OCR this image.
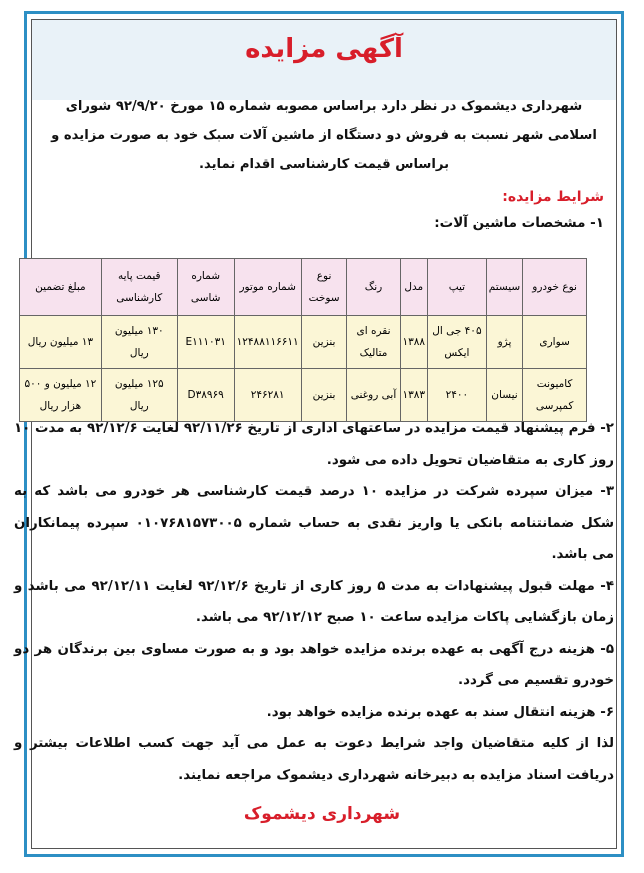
آگهی مزایده

شهرداری دیشموک در نظر دارد براساس مصوبه شماره ۱۵ مورخ ۹۲/۹/۲۰ شورای اسلامی شهر نسبت به فروش دو دستگاه از ماشین آلات سبک خود به صورت مزایده و براساس قیمت کارشناسی اقدام نماید.

شرایط مزایده:

۱- مشخصات ماشین آلات:

نوع خودرو	سیستم	تیپ	مدل	رنگ	نوع سوخت	شماره موتور	شماره شاسی	قیمت پایه کارشناسی	مبلغ تضمین
سواری	پژو	۴۰۵ جی ال ایکس	۱۳۸۸	نقره ای متالیک	بنزین	۱۲۴۸۸۱۱۶۶۱۱	E۱۱۱۰۳۱	۱۳۰ میلیون ریال	۱۳ میلیون ریال
کامیونت کمپرسی	نیسان	۲۴۰۰	۱۳۸۳	آبی روغنی	بنزین	۲۴۶۲۸۱	D۳۸۹۶۹	۱۲۵ میلیون ریال	۱۲ میلیون و ۵۰۰ هزار ریال

۲- فرم پیشنهاد قیمت مزایده در ساعتهای اداری از تاریخ ۹۲/۱۱/۲۶ لغایت ۹۲/۱۲/۶ به مدت ۱۰ روز کاری به متقاضیان تحویل داده می شود.

۳- میزان سپرده شرکت در مزایده ۱۰ درصد قیمت کارشناسی هر خودرو می باشد که به شکل ضمانتنامه بانکی یا واریز نقدی به حساب شماره ۰۱۰۷۶۸۱۵۷۳۰۰۵ سپرده پیمانکاران می باشد.

۴- مهلت قبول پیشنهادات به مدت ۵ روز کاری از تاریخ ۹۲/۱۲/۶ لغایت ۹۲/۱۲/۱۱ می باشد و زمان بازگشایی پاکات مزایده ساعت ۱۰ صبح ۹۲/۱۲/۱۲ می باشد.

۵- هزینه درج آگهی به عهده برنده مزایده خواهد بود و به صورت مساوی بین برندگان هر دو خودرو تقسیم می گردد.

۶- هزینه انتقال سند به عهده برنده مزایده خواهد بود.

لذا از کلیه متقاضیان واجد شرایط دعوت به عمل می آید جهت کسب اطلاعات بیشتر و دریافت اسناد مزایده به دبیرخانه شهرداری دیشموک مراجعه نمایند.

شهرداری دیشموک
